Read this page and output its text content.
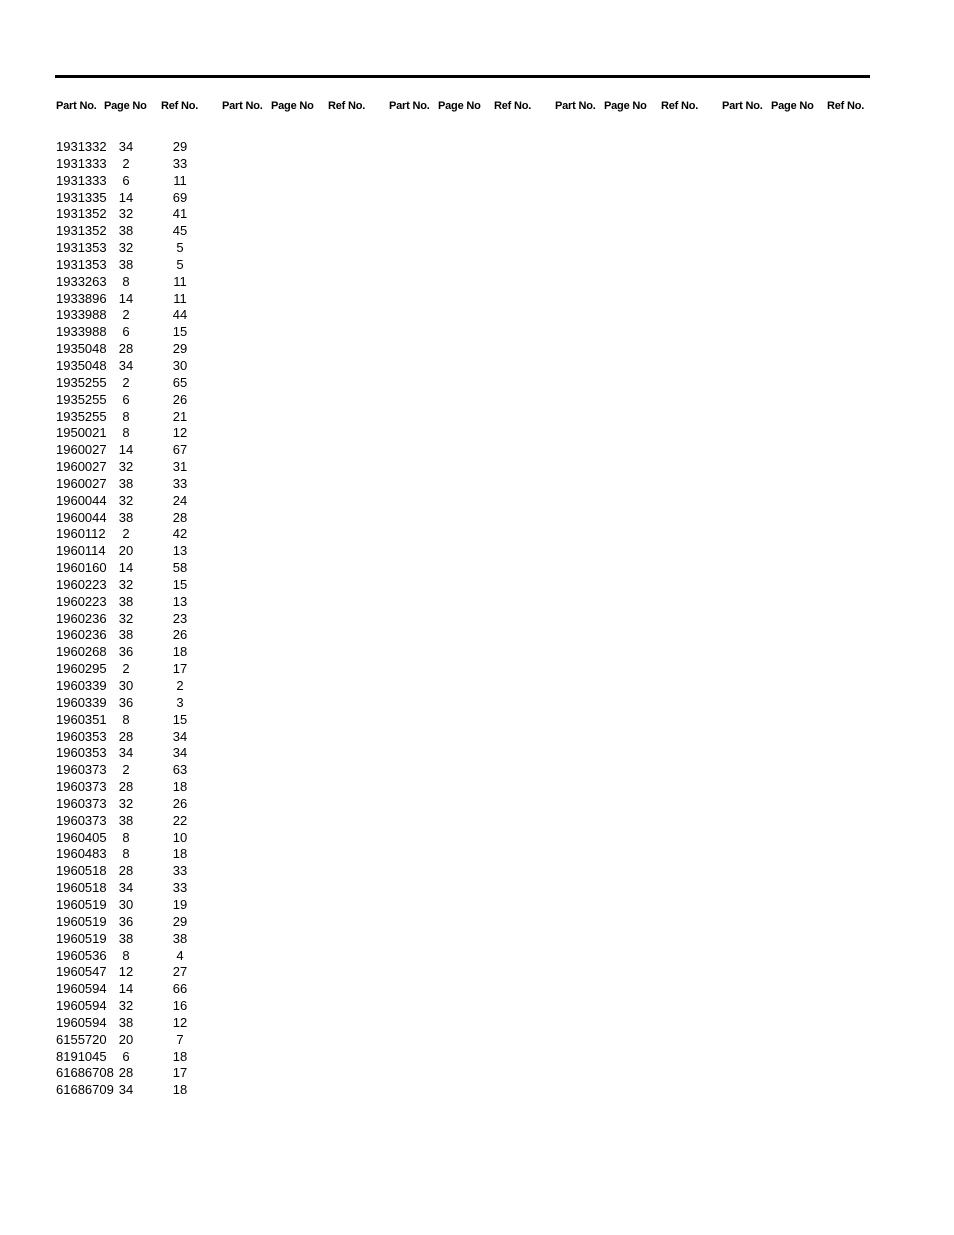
Part No. Page No Ref No. Part No. Page No Ref No. Part No. Page No Ref No. Part No. Page No Ref No. Part No. Page No Ref No.
1931332 34	29
1931333	2	33
1931333	6	11
1931335 14	69
1931352 32	41
1931352 38	45
1931353 32	5
1931353 38	5
1933263	8	11
1933896 14	11
1933988	2	44
1933988	6	15
1935048 28	29
1935048 34	30
1935255	2	65
1935255	6	26
1935255	8	21
1950021	8	12
1960027 14	67
1960027 32	31
1960027 38	33
1960044 32	24
1960044 38	28
1960112	2	42
1960114	20	13
1960160 14	58
1960223 32	15
1960223 38	13
1960236 32	23
1960236 38	26
1960268 36	18
1960295	2	17
1960339 30	2
1960339 36	3
1960351	8	15
1960353 28	34
1960353 34	34
1960373	2	63
1960373 28	18
1960373 32	26
1960373 38	22
1960405	8	10
1960483	8	18
1960518 28	33
1960518 34	33
1960519 30	19
1960519 36	29
1960519 38	38
1960536	8	4
1960547 12	27
1960594 14	66
1960594 32	16
1960594 38	12
6155720 20	7
8191045	6	18
61686708 28	17
61686709 34	18
